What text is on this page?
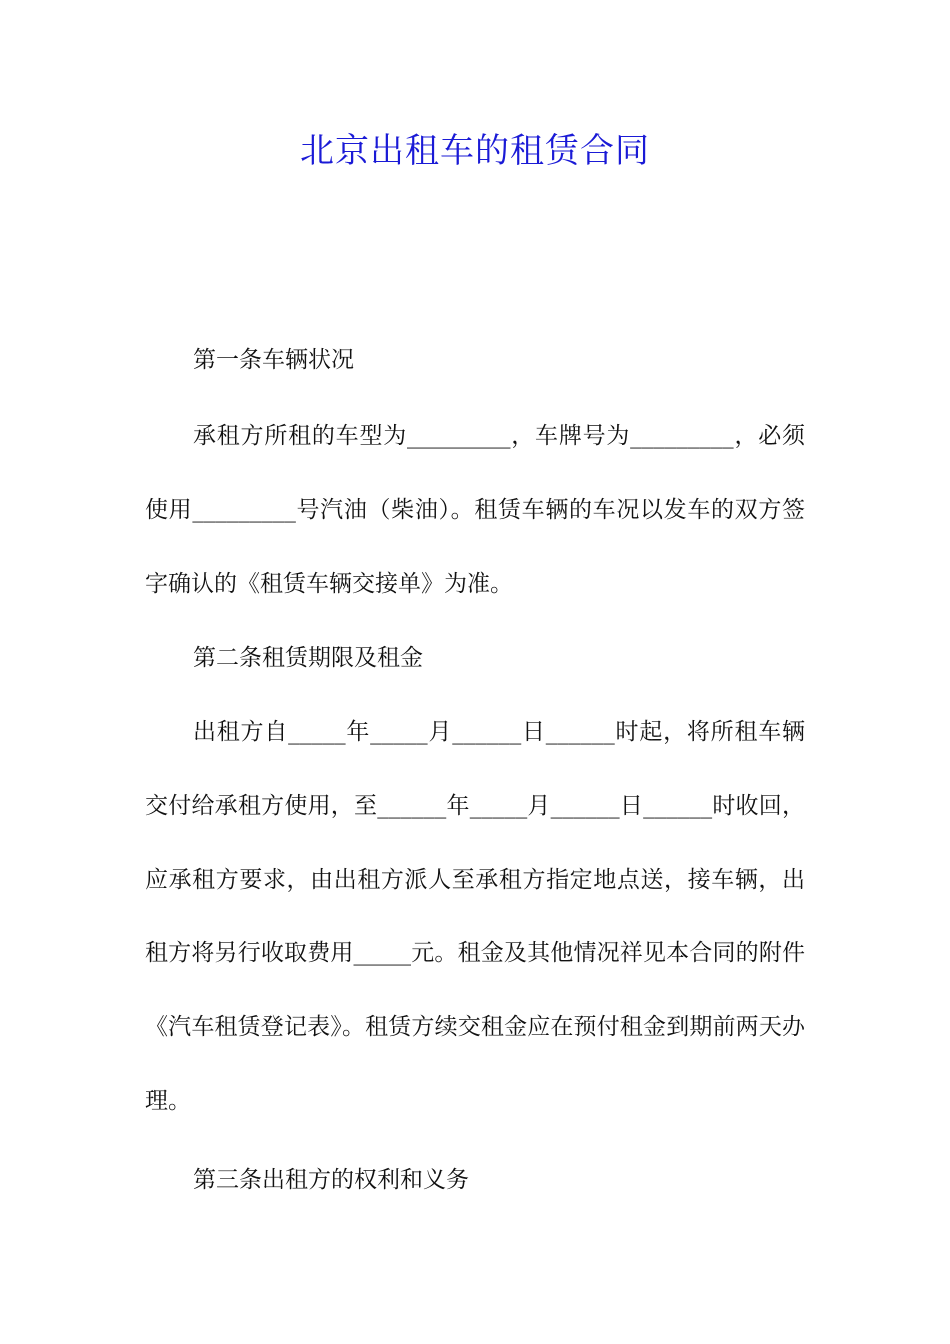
北京出租车的租赁合同
第一条车辆状况

承租方所租的车型为_________，车牌号为_________，必须使用_________号汽油（柴油）。租赁车辆的车况以发车的双方签字确认的《租赁车辆交接单》为准。

第二条租赁期限及租金

出租方自_____年_____月______日______时起，将所租车辆交付给承租方使用，至______年_____月______日______时收回，应承租方要求，由出租方派人至承租方指定地点送，接车辆，出租方将另行收取费用_____元。租金及其他情况祥见本合同的附件《汽车租赁登记表》。租赁方续交租金应在预付租金到期前两天办理。

第三条出租方的权利和义务
